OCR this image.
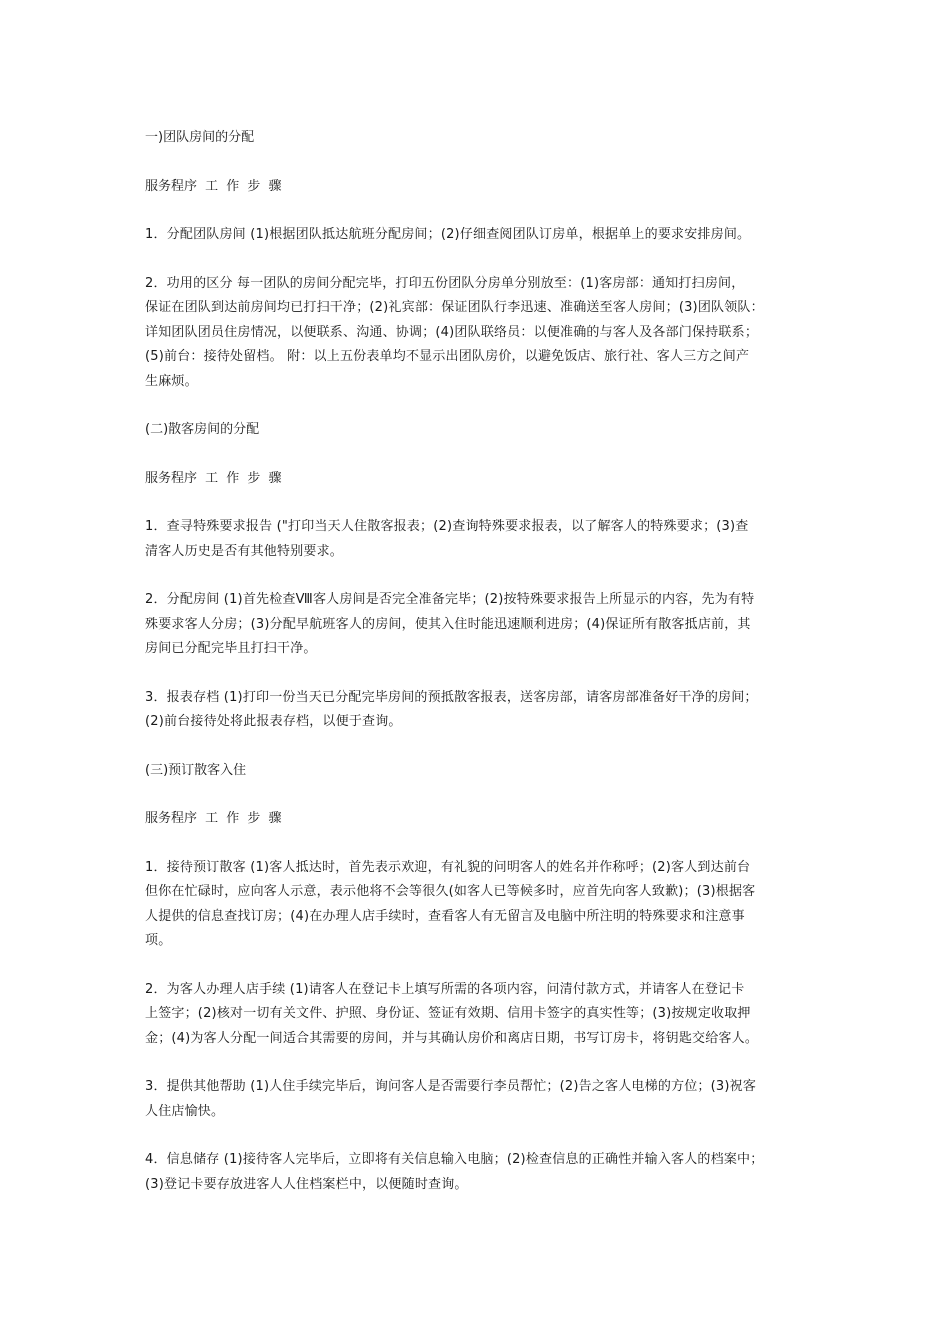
一)团队房间的分配

服务程序 工 作 步 骤

1．分配团队房间 (1)根据团队抵达航班分配房间；(2)仔细查阅团队订房单，根据单上的要求安排房间。

2．功用的区分 每一团队的房间分配完毕，打印五份团队分房单分别放至：(1)客房部：通知打扫房间，
保证在团队到达前房间均已打扫干净；(2)礼宾部：保证团队行李迅速、准确送至客人房间；(3)团队领队：
详知团队团员住房情况，以便联系、沟通、协调；(4)团队联络员：以便准确的与客人及各部门保持联系；
(5)前台：接待处留档。 附：以上五份表单均不显示出团队房价，以避免饭店、旅行社、客人三方之间产
生麻烦。

(二)散客房间的分配

服务程序 工 作 步 骤

1．查寻特殊要求报告 ("打印当天人住散客报表；(2)查询特殊要求报表，以了解客人的特殊要求；(3)查
清客人历史是否有其他特别要求。

2．分配房间 (1)首先检查Ⅷ客人房间是否完全准备完毕；(2)按特殊要求报告上所显示的内容，先为有特
殊要求客人分房；(3)分配早航班客人的房间，使其入住时能迅速顺利进房；(4)保证所有散客抵店前，其
房间已分配完毕且打扫干净。

3．报表存档 (1)打印一份当天已分配完毕房间的预抵散客报表，送客房部，请客房部准备好干净的房间；
(2)前台接待处将此报表存档，以便于查询。

(三)预订散客入住

服务程序 工 作 步 骤

1．接待预订散客 (1)客人抵达时，首先表示欢迎，有礼貌的问明客人的姓名并作称呼；(2)客人到达前台
但你在忙碌时，应向客人示意，表示他将不会等很久(如客人已等候多时，应首先向客人致歉)；(3)根据客
人提供的信息查找订房；(4)在办理人店手续时，查看客人有无留言及电脑中所注明的特殊要求和注意事
项。

2．为客人办理人店手续 (1)请客人在登记卡上填写所需的各项内容，问清付款方式，并请客人在登记卡
上签字；(2)核对一切有关文件、护照、身份证、签证有效期、信用卡签字的真实性等；(3)按规定收取押
金；(4)为客人分配一间适合其需要的房间，并与其确认房价和离店日期，书写订房卡，将钥匙交给客人。

3．提供其他帮助 (1)人住手续完毕后，询问客人是否需要行李员帮忙；(2)告之客人电梯的方位；(3)祝客
人住店愉快。

4．信息储存 (1)接待客人完毕后，立即将有关信息输入电脑；(2)检查信息的正确性并输入客人的档案中；
(3)登记卡要存放进客人人住档案栏中，以便随时查询。
